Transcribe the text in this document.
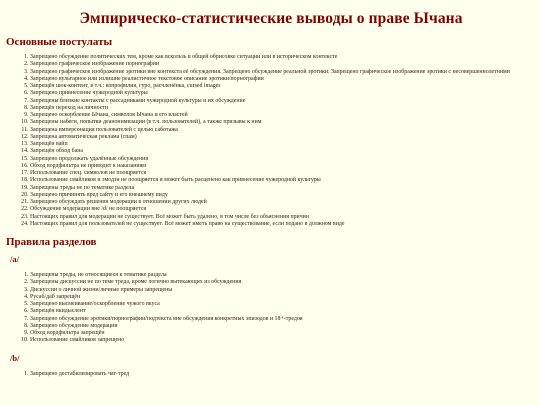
Эмпирическо-статистические выводы о праве Ычана
Основные постулаты
1. Запрещено обсуждение политических тем, кроме как вскользь в общей обрисовке ситуации или в историческом контексте
2. Запрещено графическое изображение порнографии
3. Запрещено графическое изображение эротики вне контекста её обсуждения. Запрещено обсуждение реальной эротики. Запрещено графическое изображение эротики с несовершеннолетними
4. Запрещено вульгарное или излишне реалистичное текстовое описание эротики/порнографии
5. Запрещён шок-контент, в т.ч.: копрофилия, гуро, расчленёнка, cursed images
6. Запрещено привнесение чужеродной культуры
7. Запрещены близкие контакты с рассадниками чужеродной культуры и их обсуждение
8. Запрещён переход на личности
9. Запрещено оскорбление Ычана, символов Ычана и его властей
10. Запрещены набеги, попытки деанонимизации (в т.ч. пользователей), а также призывы к ним
11. Запрещена имперсонация пользователей с целью саботажа
12. Запрещена автоматическая реклама (спам)
13. Запрещён вайп
14. Запрещён обход бана
15. Запрещено продолжать удалённые обсуждения
16. Обход вордфильтра не приводит к наказаниям
17. Использование спец. символов не поощряется
18. Использование смайликов и эмодзи не поощряется и может быть расценено как привнесение чужеродной культуры
19. Запрещены треды не по тематике раздела
20. Запрещено причинять вред сайту и его внешнему виду
21. Запрещено обсуждать решения модерации в отношении других людей
22. Обсуждение модерации вне /d/ не поощряется
23. Настоящих правил для модерации не существует. Всё может быть удалено, в том числе без объяснения причин
24. Настоящих правил для пользователей не существует. Всё может иметь право на существование, если подано в должном виде
Правила разделов
/a/
1. Запрещены треды, не относящиеся к тематике раздела
2. Запрещены дискуссии не по теме треда, кроме логично вытекающих из обсуждения
3. Дискуссии о личной жизни/личные примеры запрещены
4. Русаб/даб запрещён
5. Запрещено высмеивание/оскорбление чужого вкуса
6. Запрещён вкидыслент
7. Запрещено обсуждение эротики/порнографии/подтекста вне обсуждения конкретных эпизодов и 18+-тредов
8. Запрещено обсуждение модерации
9. Обход вордфильтра запрещён
10. Использование смайликов запрещено
/b/
1. Запрещено дестабилизировать чат-тред
